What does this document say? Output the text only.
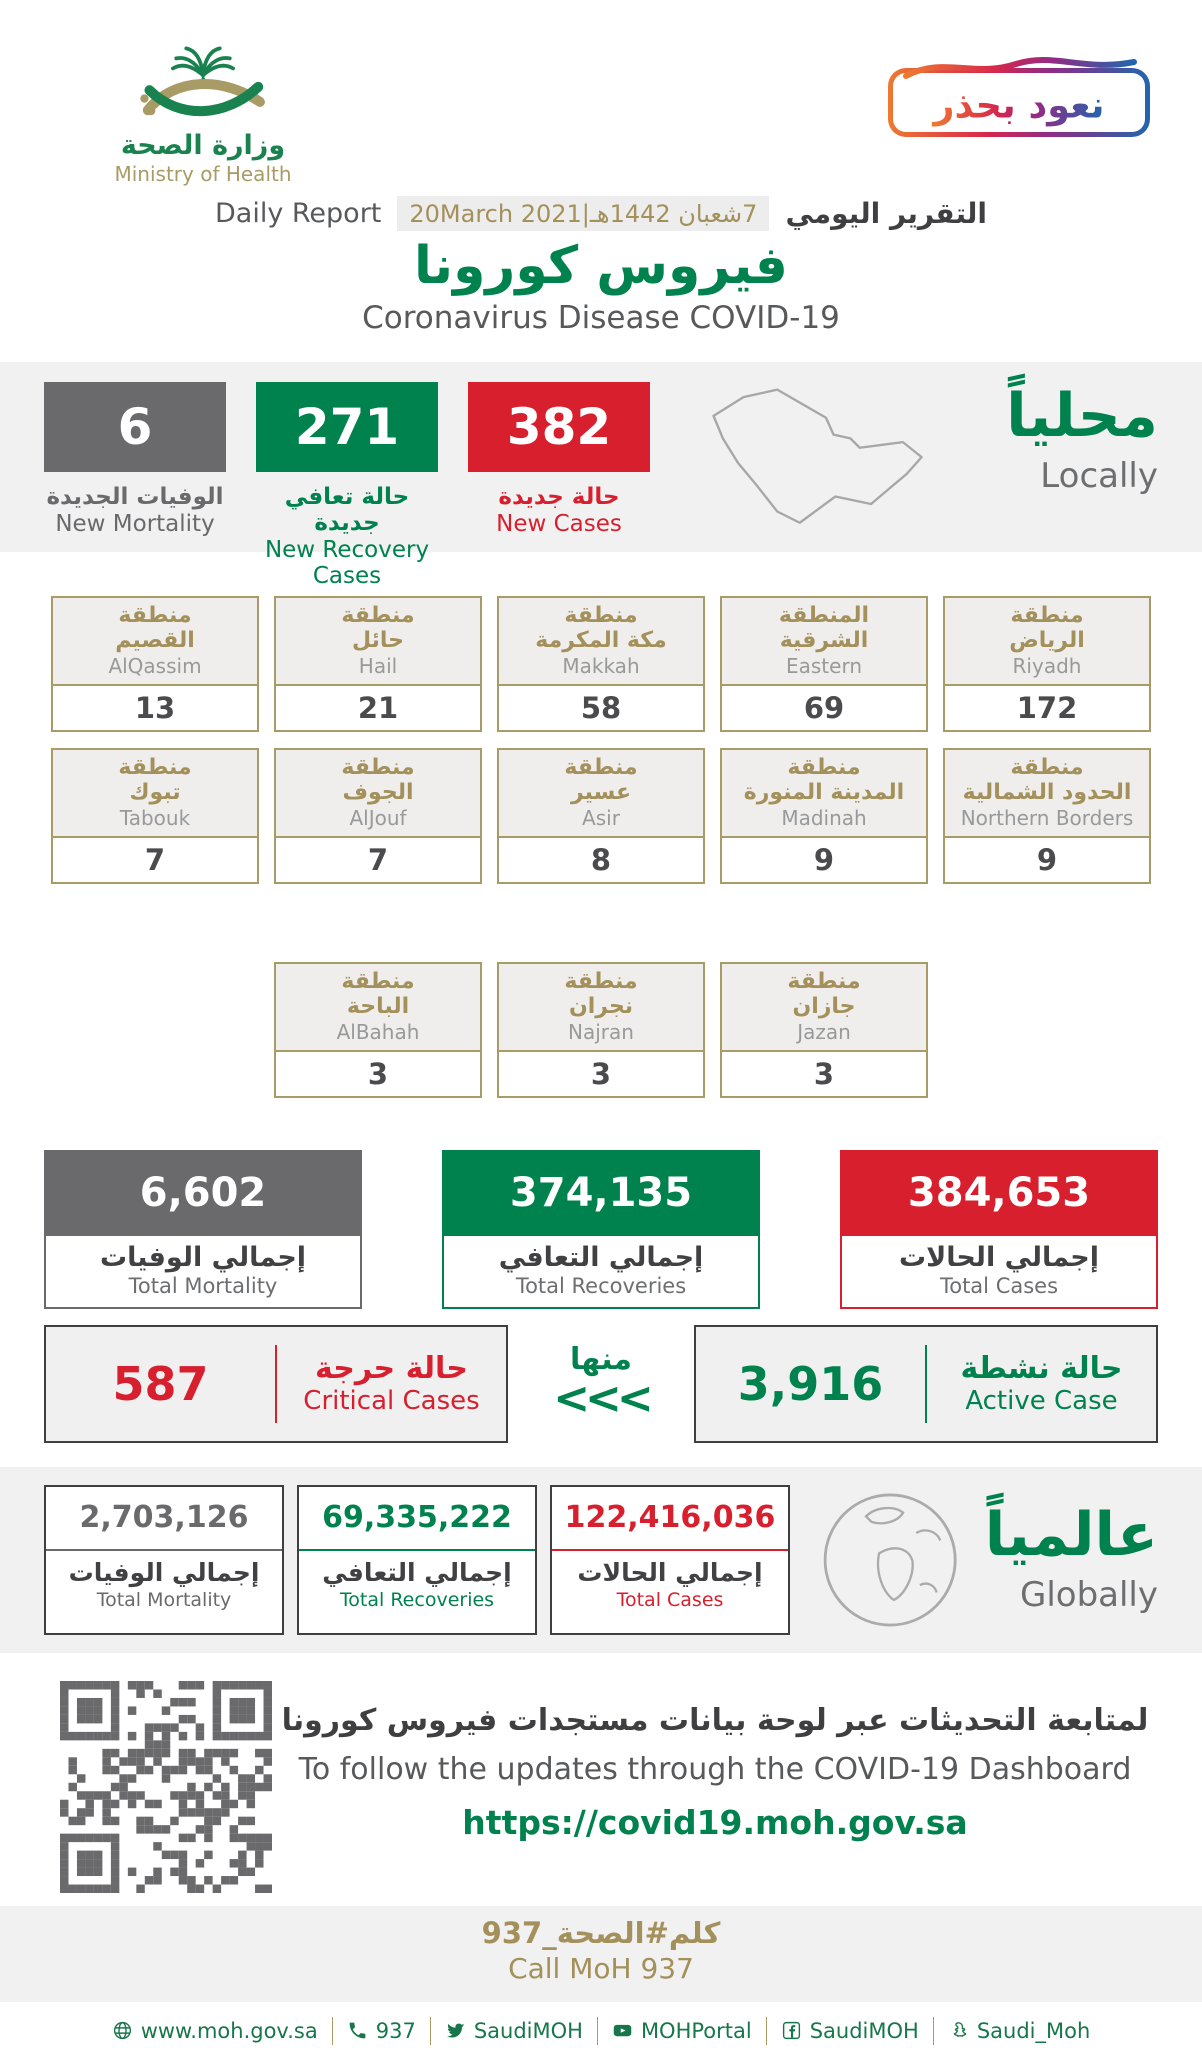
وزارة الصحة
Ministry of Health
نعود بحذر
Daily Report	20March 2021|7شعبان 1442هـ	التقرير اليومي
فيروس كورونا
Coronavirus Disease COVID-19
6
الوفيات الجديدة
New Mortality
271
حالة تعافي جديدة
New Recovery Cases
382
حالة جديدة
New Cases
محلياً
Locally
منطقة
القصيم
AlQassim
13
منطقة
حائل
Hail
21
منطقة
مكة المكرمة
Makkah
58
المنطقة
الشرقية
Eastern
69
منطقة
الرياض
Riyadh
172
منطقة
تبوك
Tabouk
7
منطقة
الجوف
AlJouf
7
منطقة
عسير
Asir
8
منطقة
المدينة المنورة
Madinah
9
منطقة
الحدود الشمالية
Northern Borders
9
منطقة
الباحة
AlBahah
3
منطقة
نجران
Najran
3
منطقة
جازان
Jazan
3
6,602
إجمالي الوفيات
Total Mortality
374,135
إجمالي التعافي
Total Recoveries
384,653
إجمالي الحالات
Total Cases
587	حالة حرجة
Critical Cases
منها
<<<	3,916	حالة نشطة
Active Case
2,703,126
إجمالي الوفيات
Total Mortality
69,335,222
إجمالي التعافي
Total Recoveries
122,416,036
إجمالي الحالات
Total Cases
عالمياً
Globally
لمتابعة التحديثات عبر لوحة بيانات مستجدات فيروس كورونا
To follow the updates through the COVID-19 Dashboard
https://covid19.moh.gov.sa
كلم#الصحة_937
Call MoH 937
www.moh.gov.sa	937	SaudiMOH	MOHPortal	SaudiMOH	Saudi_Moh
